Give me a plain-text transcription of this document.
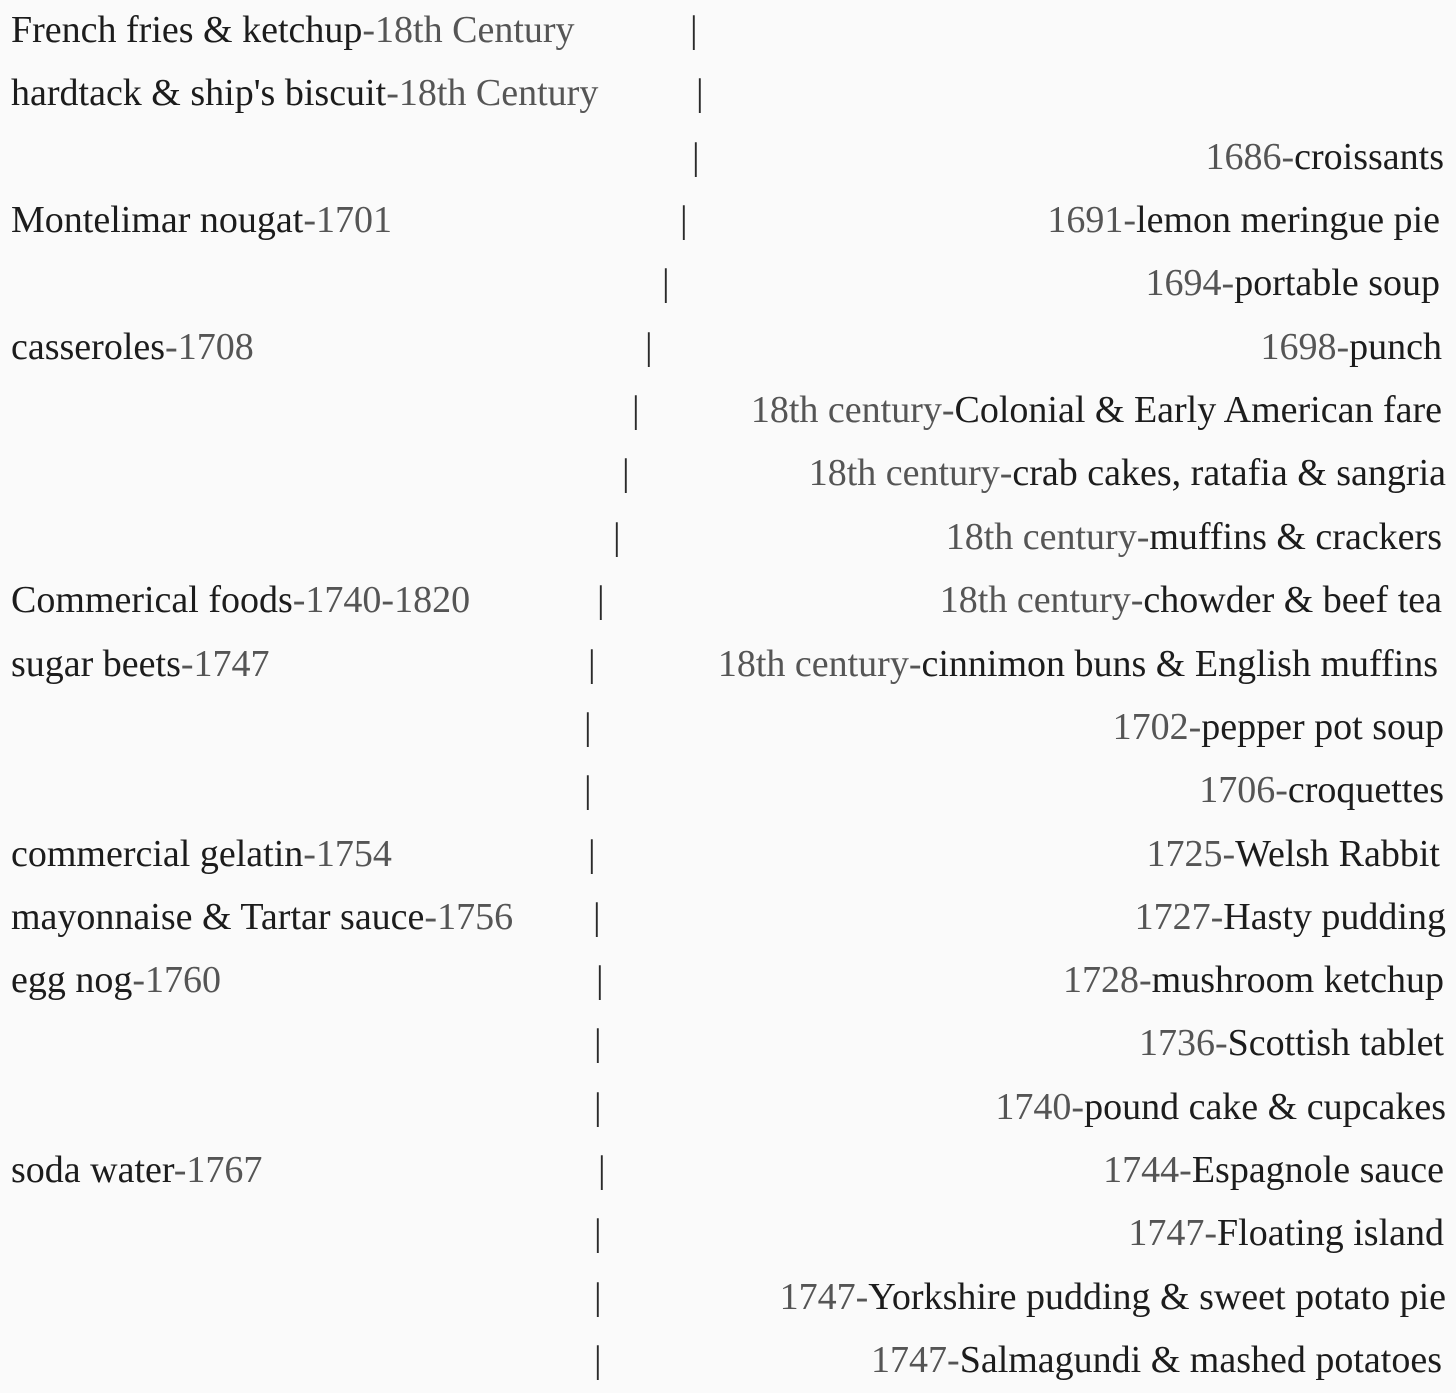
French fries & ketchup-18th Century	|
hardtack & ship's biscuit-18th Century	|
|	1686-croissants
Montelimar nougat-1701	|	1691-lemon meringue pie
|	1694-portable soup
casseroles-1708	|	1698-punch
|	18th century-Colonial & Early American fare
|	18th century-crab cakes, ratafia & sangria
|	18th century-muffins & crackers
Commerical foods-1740-1820	|	18th century-chowder & beef tea
sugar beets-1747	|	18th century-cinnimon buns & English muffins
|	1702-pepper pot soup
|	1706-croquettes
commercial gelatin-1754	|	1725-Welsh Rabbit
mayonnaise & Tartar sauce-1756 |	1727-Hasty pudding
egg nog-1760	|	1728-mushroom ketchup
|	1736-Scottish tablet
|	1740-pound cake & cupcakes
soda water-1767	|	1744-Espagnole sauce
|	1747-Floating island
|	1747-Yorkshire pudding & sweet potato pie
|	1747-Salmagundi & mashed potatoes
